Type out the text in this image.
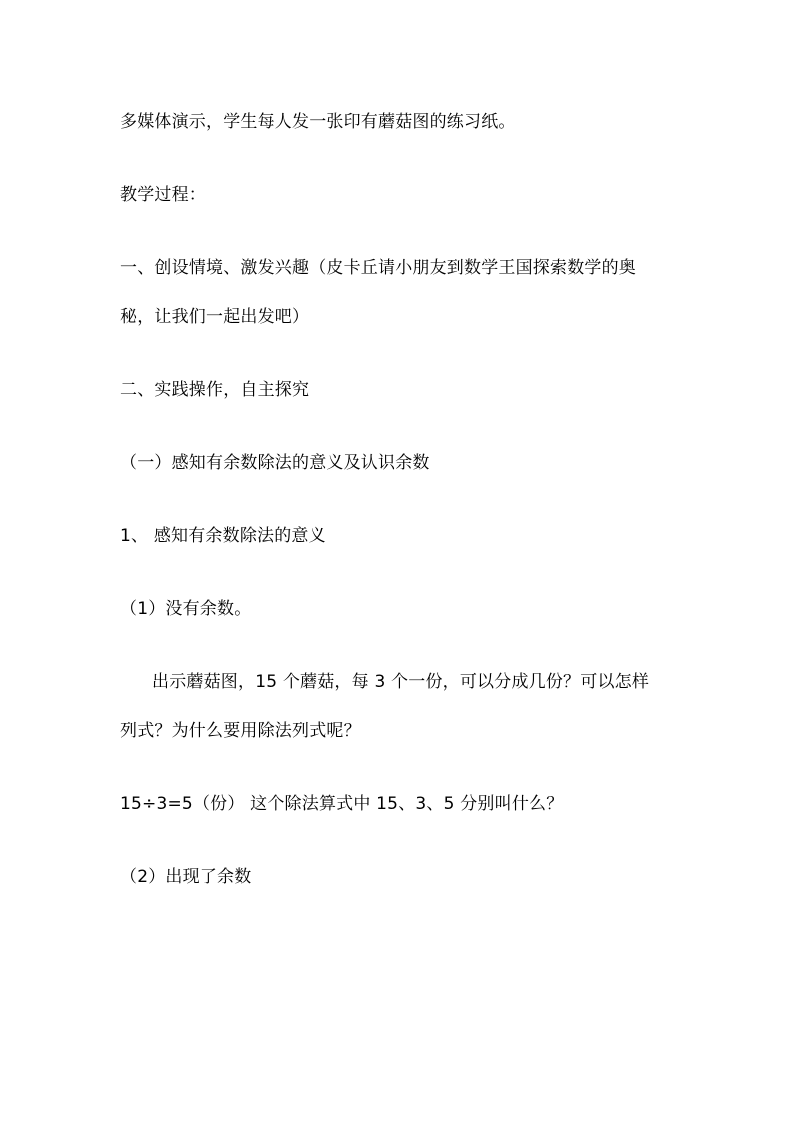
多媒体演示，学生每人发一张印有蘑菇图的练习纸。
教学过程：
一、创设情境、激发兴趣（皮卡丘请小朋友到数学王国探索数学的奥
秘，让我们一起出发吧）
二、实践操作，自主探究
（一）感知有余数除法的意义及认识余数
1、 感知有余数除法的意义
（1）没有余数。
出示蘑菇图，15 个蘑菇，每 3 个一份，可以分成几份？可以怎样
列式？为什么要用除法列式呢？
15÷3=5（份） 这个除法算式中 15、3、5 分别叫什么？
（2）出现了余数
